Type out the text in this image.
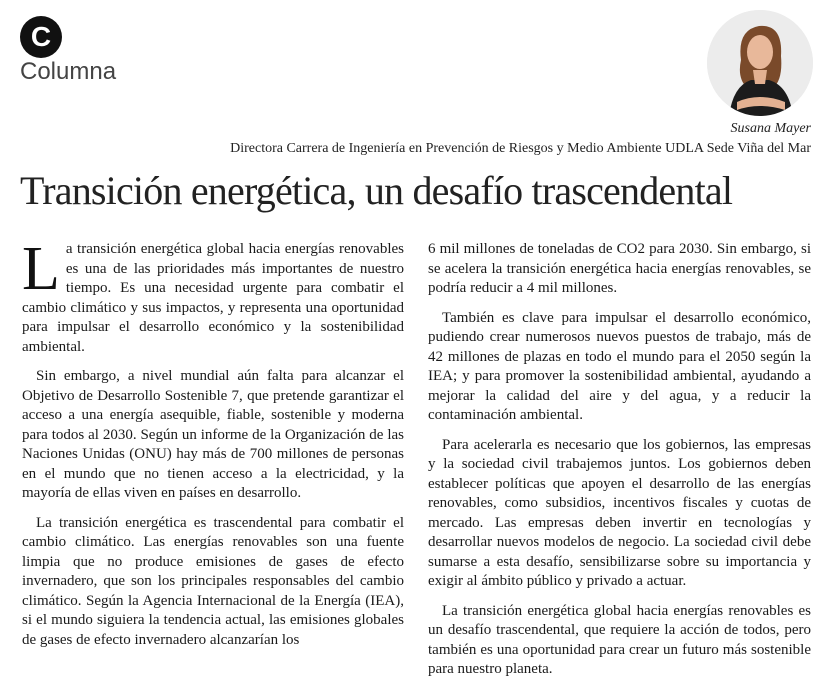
C
Columna
Susana Mayer
Directora Carrera de Ingeniería en Prevención de Riesgos y Medio Ambiente UDLA Sede Viña del Mar
Transición energética, un desafío trascendental

La transición energética global hacia energías renovables es una de las prioridades más importantes de nuestro tiempo. Es una necesidad urgente para combatir el cambio climático y sus impactos, y representa una oportunidad para impulsar el desarrollo económico y la sostenibilidad ambiental.

Sin embargo, a nivel mundial aún falta para alcanzar el Objetivo de Desarrollo Sostenible 7, que pretende garantizar el acceso a una energía asequible, fiable, sostenible y moderna para todos al 2030. Según un informe de la Organización de las Naciones Unidas (ONU) hay más de 700 millones de personas en el mundo que no tienen acceso a la electricidad, y la mayoría de ellas viven en países en desarrollo.

La transición energética es trascendental para combatir el cambio climático. Las energías renovables son una fuente limpia que no produce emisiones de gases de efecto invernadero, que son los principales responsables del cambio climático. Según la Agencia Internacional de la Energía (IEA), si el mundo siguiera la tendencia actual, las emisiones globales de gases de efecto invernadero alcanzarían los

6 mil millones de toneladas de CO2 para 2030. Sin embargo, si se acelera la transición energética hacia energías renovables, se podría reducir a 4 mil millones.

También es clave para impulsar el desarrollo económico, pudiendo crear numerosos nuevos puestos de trabajo, más de 42 millones de plazas en todo el mundo para el 2050 según la IEA; y para promover la sostenibilidad ambiental, ayudando a mejorar la calidad del aire y del agua, y a reducir la contaminación ambiental.

Para acelerarla es necesario que los gobiernos, las empresas y la sociedad civil trabajemos juntos. Los gobiernos deben establecer políticas que apoyen el desarrollo de las energías renovables, como subsidios, incentivos fiscales y cuotas de mercado. Las empresas deben invertir en tecnologías y desarrollar nuevos modelos de negocio. La sociedad civil debe sumarse a esta desafío, sensibilizarse sobre su importancia y exigir al ámbito público y privado a actuar.

La transición energética global hacia energías renovables es un desafío trascendental, que requiere la acción de todos, pero también es una oportunidad para crear un futuro más sostenible para nuestro planeta.
